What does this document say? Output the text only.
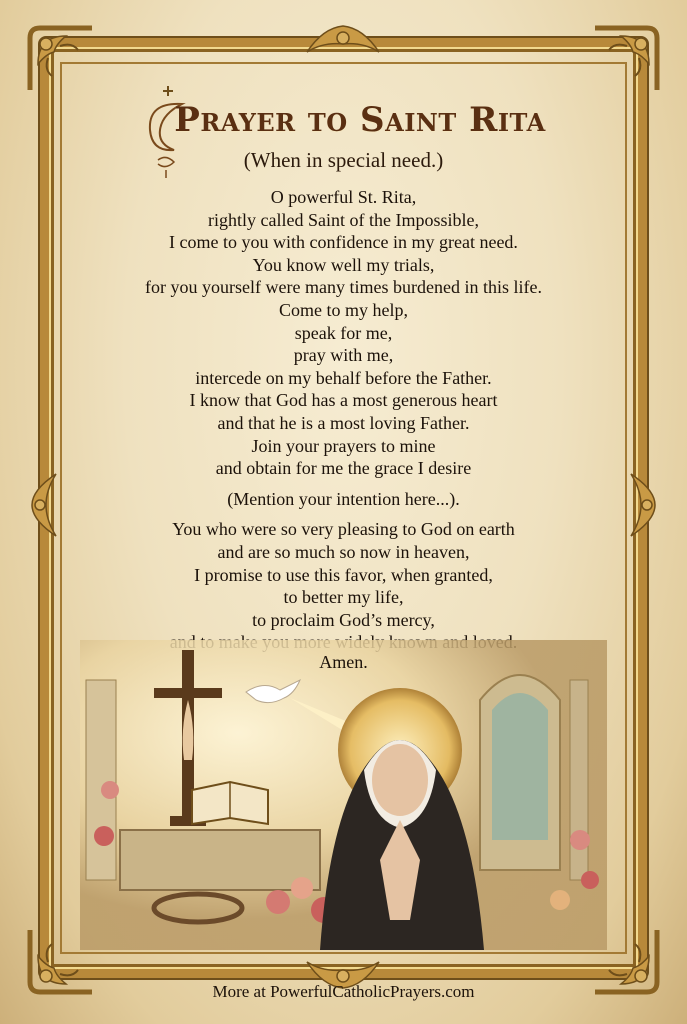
Prayer to Saint Rita
(When in special need.)
O powerful St. Rita,
rightly called Saint of the Impossible,
I come to you with confidence in my great need.
You know well my trials,
for you yourself were many times burdened in this life.
Come to my help,
speak for me,
pray with me,
intercede on my behalf before the Father.
I know that God has a most generous heart
and that he is a most loving Father.
Join your prayers to mine
and obtain for me the grace I desire
(Mention your intention here...).
You who were so very pleasing to God on earth
and are so much so now in heaven,
I promise to use this favor, when granted,
to better my life,
to proclaim God’s mercy,
Amen.
More at PowerfulCatholicPrayers.com
